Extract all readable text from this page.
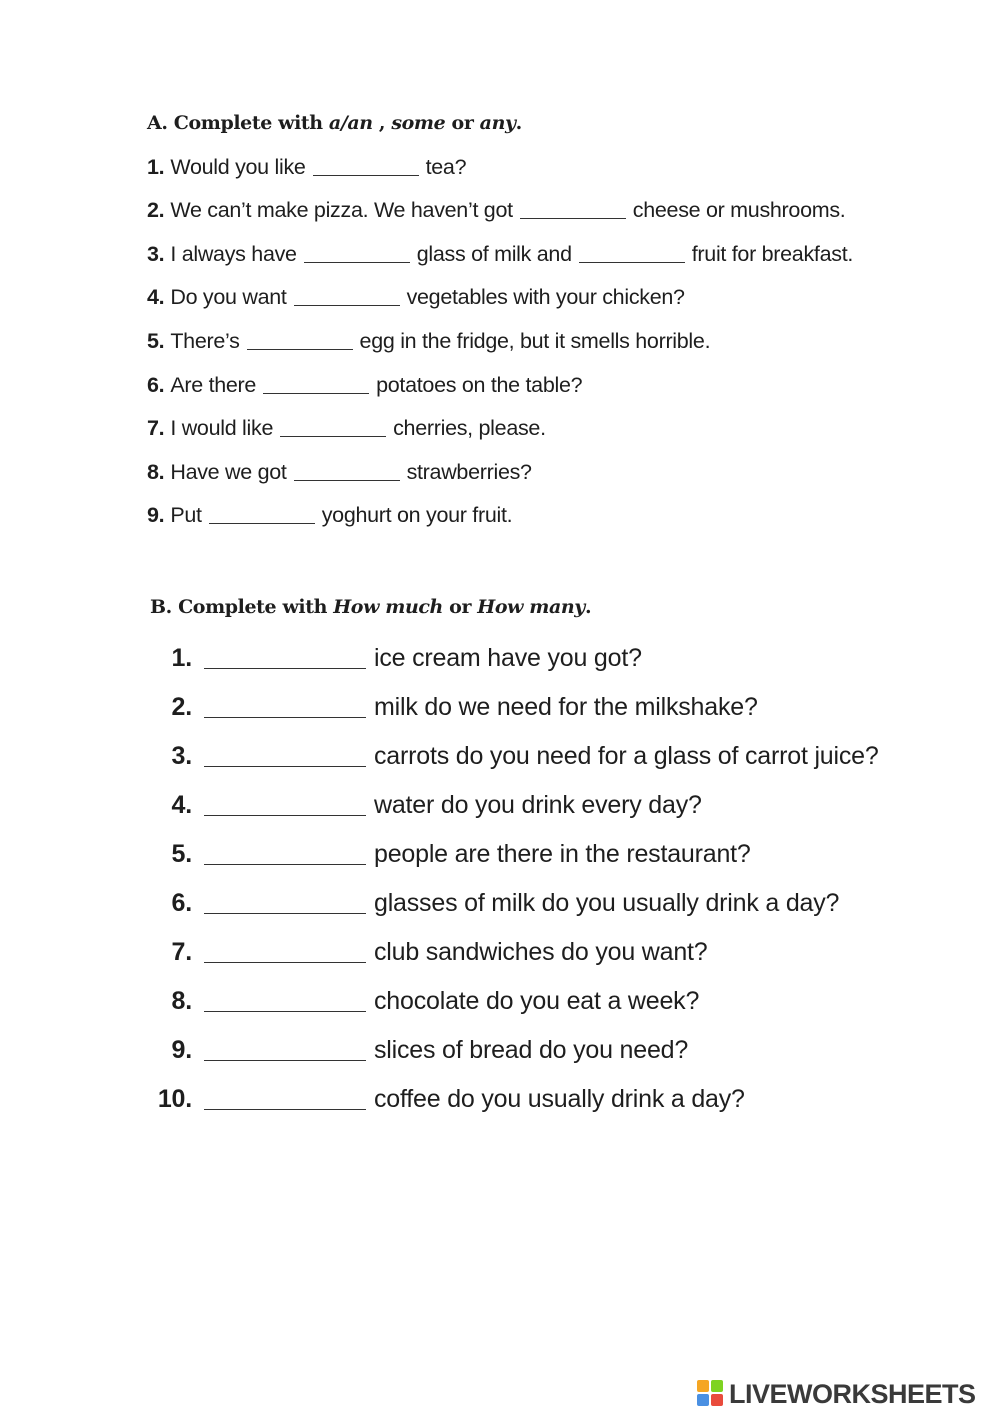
A. Complete with a/an , some or any.
1. Would you like	tea?
2. We can’t make pizza. We haven’t got	cheese or mushrooms.
3. I always have	glass of milk and	fruit for breakfast.
4. Do you want	vegetables with your chicken?
5. There’s	egg in the fridge, but it smells horrible.
6. Are there	potatoes on the table?
7. I would like	cherries, please.
8. Have we got	strawberries?
9. Put	yoghurt on your fruit.
B. Complete with How much or How many.
1.	ice cream have you got?
2.	milk do we need for the milkshake?
3.	carrots do you need for a glass of carrot juice?
4.	water do you drink every day?
5.	people are there in the restaurant?
6.	glasses of milk do you usually drink a day?
7.	club sandwiches do you want?
8.	chocolate do you eat a week?
9.	slices of bread do you need?
10.	coffee do you usually drink a day?
LIVEWORKSHEETS
